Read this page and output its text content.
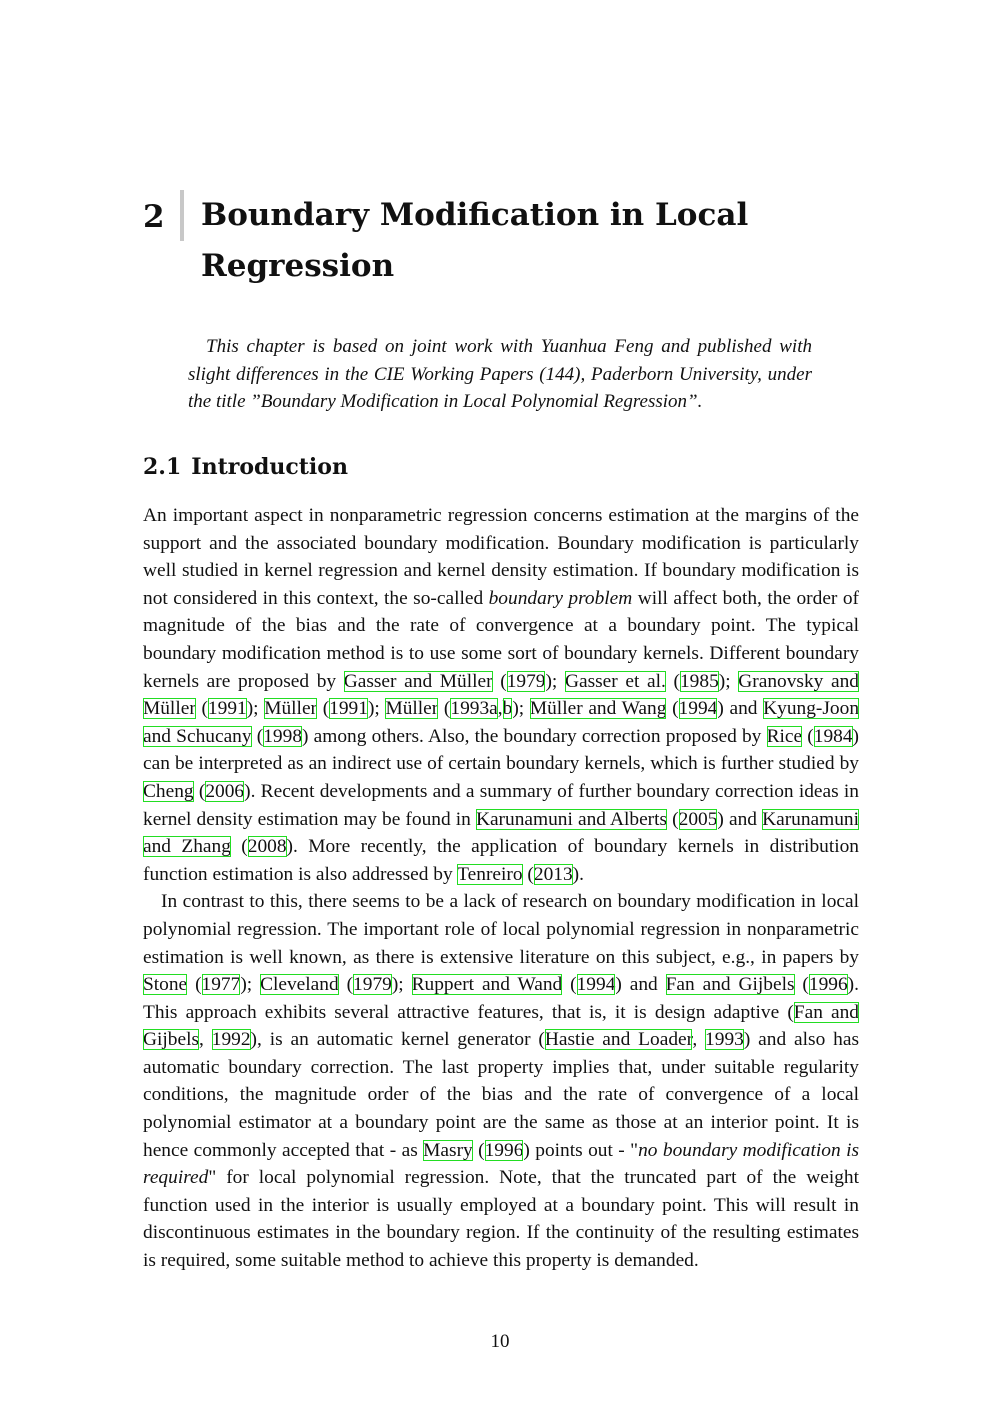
2 Boundary Modification in Local Regression

This chapter is based on joint work with Yuanhua Feng and published with slight differences in the CIE Working Papers (144), Paderborn University, under the title ”Boundary Modification in Local Polynomial Regression”.

2.1 Introduction

An important aspect in nonparametric regression concerns estimation at the margins of the support and the associated boundary modification. Boundary modification is particularly well studied in kernel regression and kernel density estimation. If boundary modification is not considered in this context, the so-called boundary problem will affect both, the order of magnitude of the bias and the rate of convergence at a boundary point. The typical boundary modification method is to use some sort of boundary kernels. Different boundary kernels are proposed by Gasser and Müller (1979); Gasser et al. (1985); Granovsky and Müller (1991); Müller (1991); Müller (1993a,b); Müller and Wang (1994) and Kyung-Joon and Schucany (1998) among others. Also, the boundary correction proposed by Rice (1984) can be interpreted as an indirect use of certain boundary kernels, which is further studied by Cheng (2006). Recent developments and a summary of further boundary correction ideas in kernel density estimation may be found in Karunamuni and Alberts (2005) and Karunamuni and Zhang (2008). More recently, the application of boundary kernels in distribution function estimation is also addressed by Tenreiro (2013).

In contrast to this, there seems to be a lack of research on boundary modification in local polynomial regression. The important role of local polynomial regression in nonparametric estimation is well known, as there is extensive literature on this subject, e.g., in papers by Stone (1977); Cleveland (1979); Ruppert and Wand (1994) and Fan and Gijbels (1996). This approach exhibits several attractive features, that is, it is design adaptive (Fan and Gijbels, 1992), is an automatic kernel generator (Hastie and Loader, 1993) and also has automatic boundary correction. The last property implies that, under suitable regularity conditions, the magnitude order of the bias and the rate of convergence of a local polynomial estimator at a boundary point are the same as those at an interior point. It is hence commonly accepted that - as Masry (1996) points out - "no boundary modification is required" for local polynomial regression. Note, that the truncated part of the weight function used in the interior is usually employed at a boundary point. This will result in discontinuous estimates in the boundary region. If the continuity of the resulting estimates is required, some suitable method to achieve this property is demanded.

10
